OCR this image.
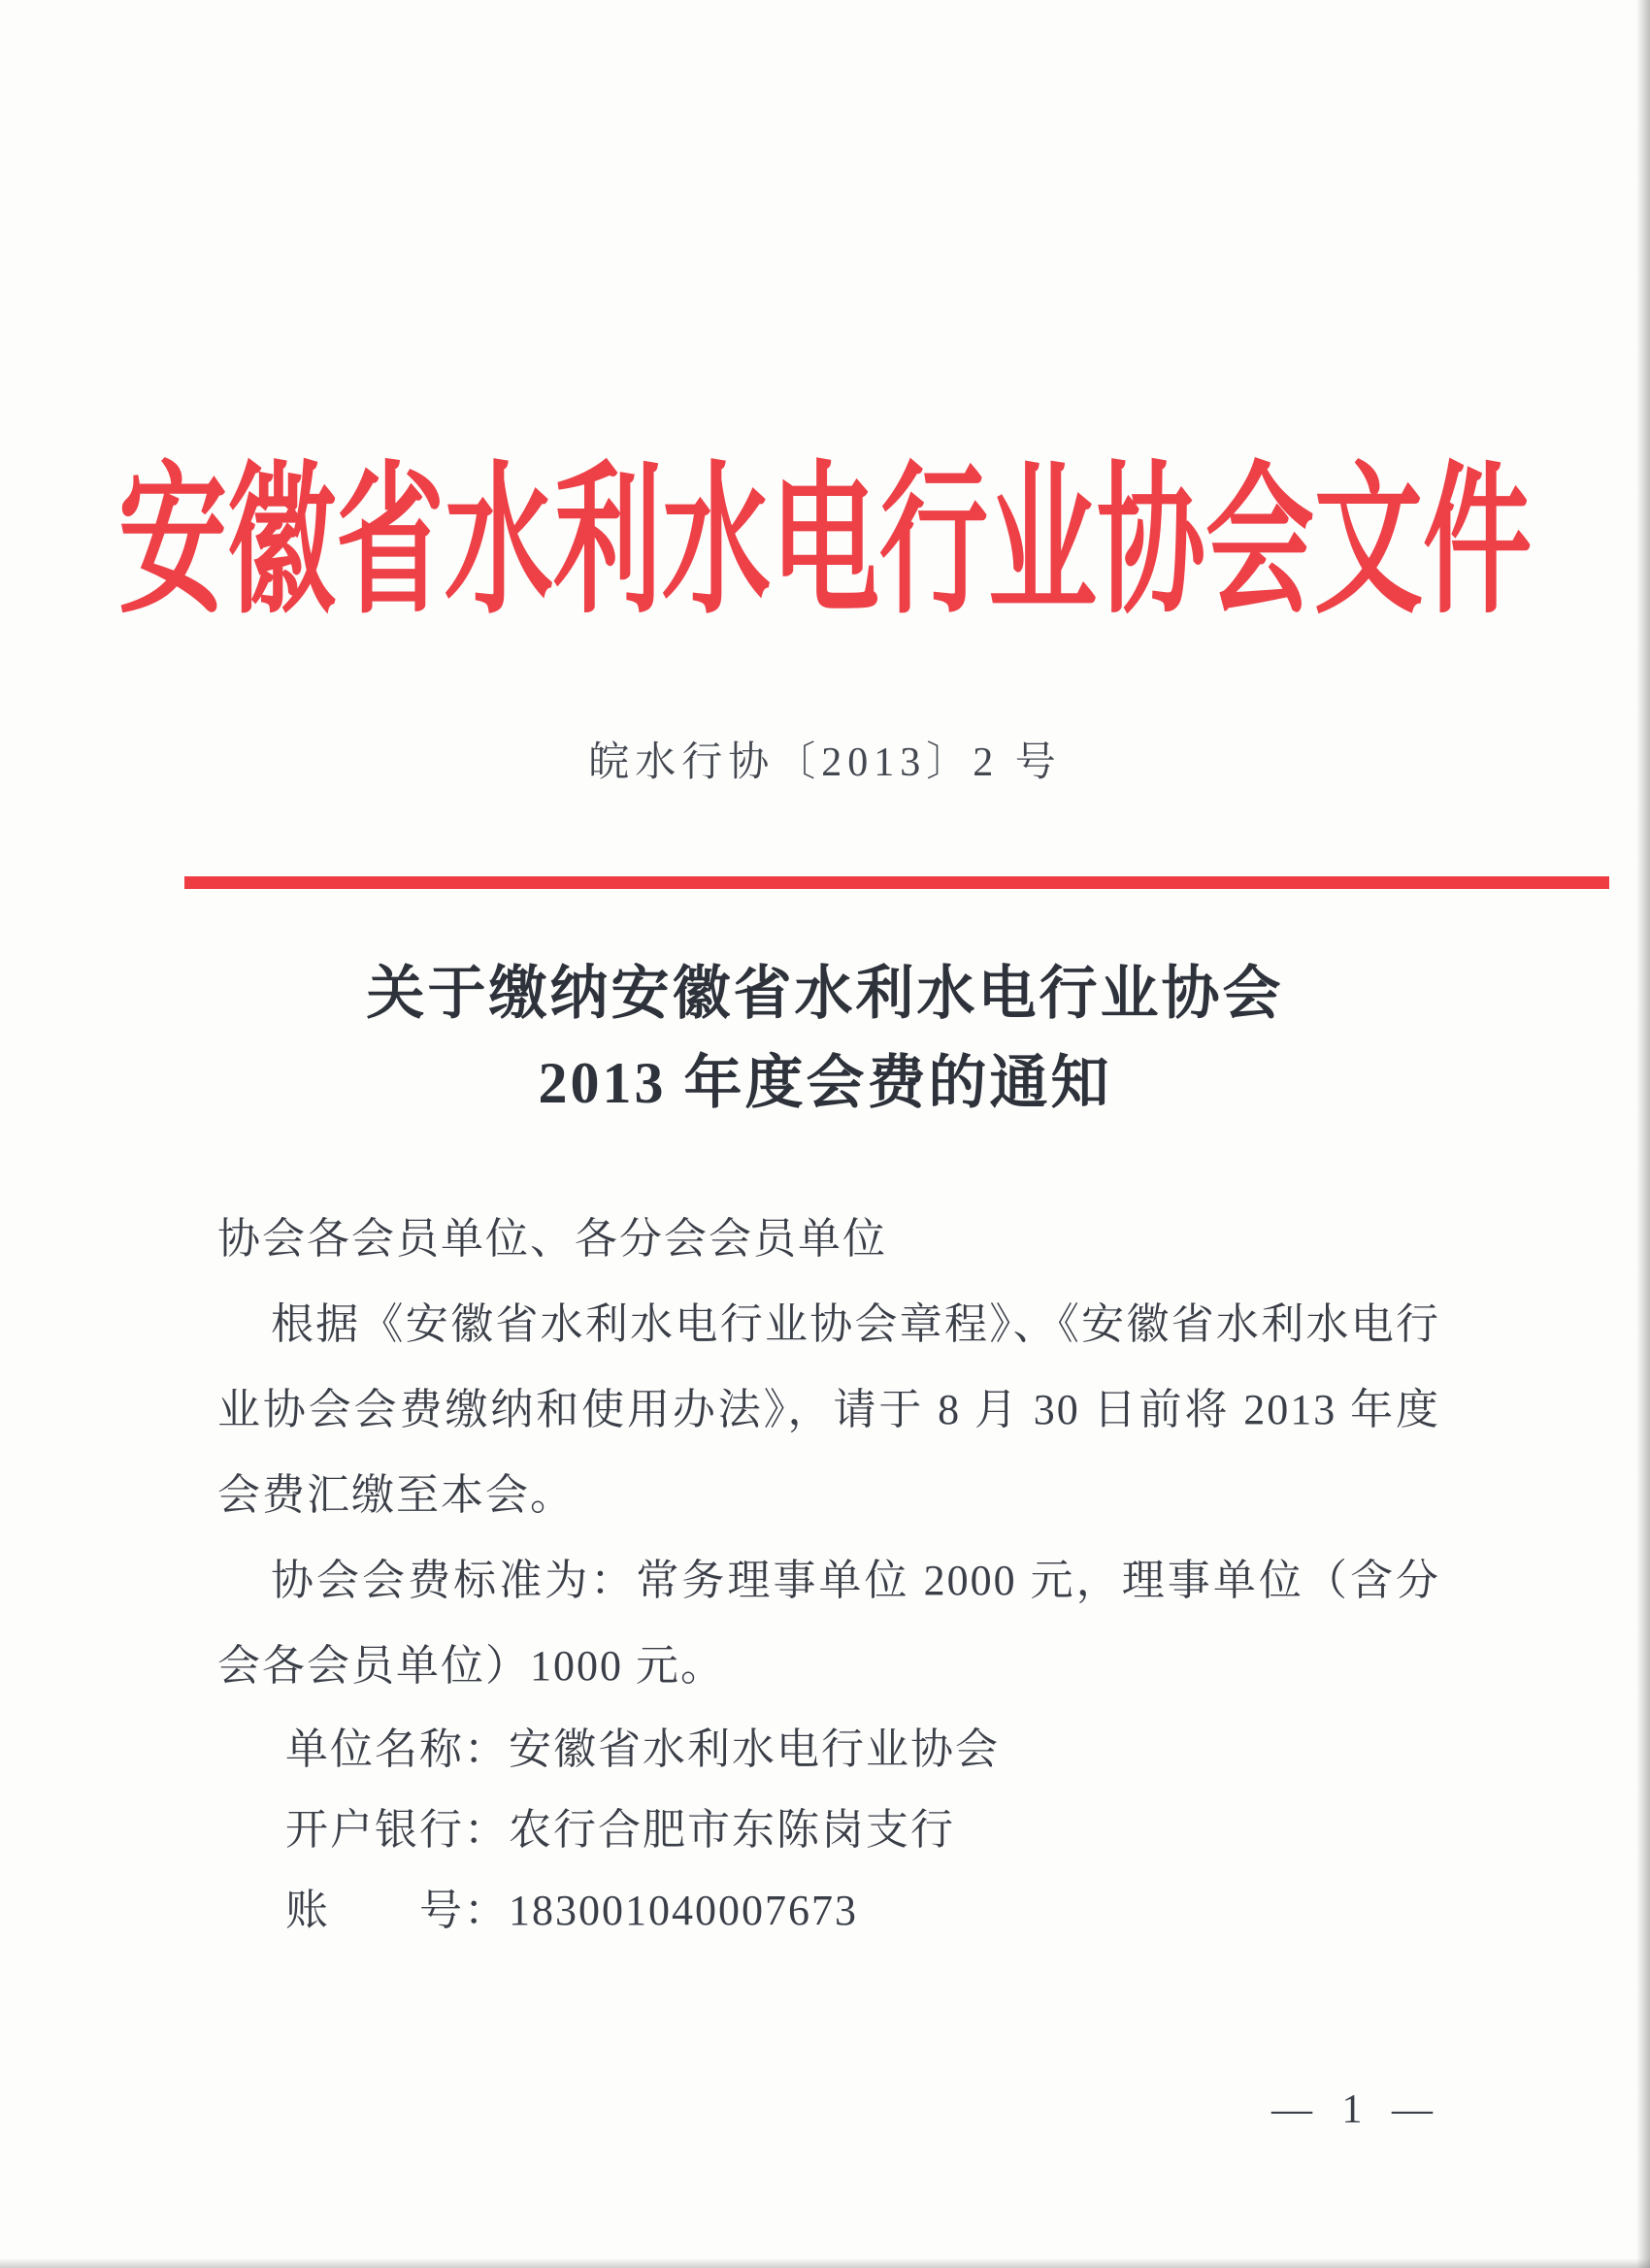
安徽省水利水电行业协会文件
皖水行协〔2013〕2 号
关于缴纳安徽省水利水电行业协会
2013 年度会费的通知

协会各会员单位、各分会会员单位

根据《安徽省水利水电行业协会章程》、《安徽省水利水电行业协会会费缴纳和使用办法》，请于 8 月 30 日前将 2013 年度会费汇缴至本会。

协会会费标准为：常务理事单位 2000 元，理事单位（含分会各会员单位）1000 元。

单位名称：安徽省水利水电行业协会
开户银行：农行合肥市东陈岗支行
账　　号：183001040007673
— 1 —
